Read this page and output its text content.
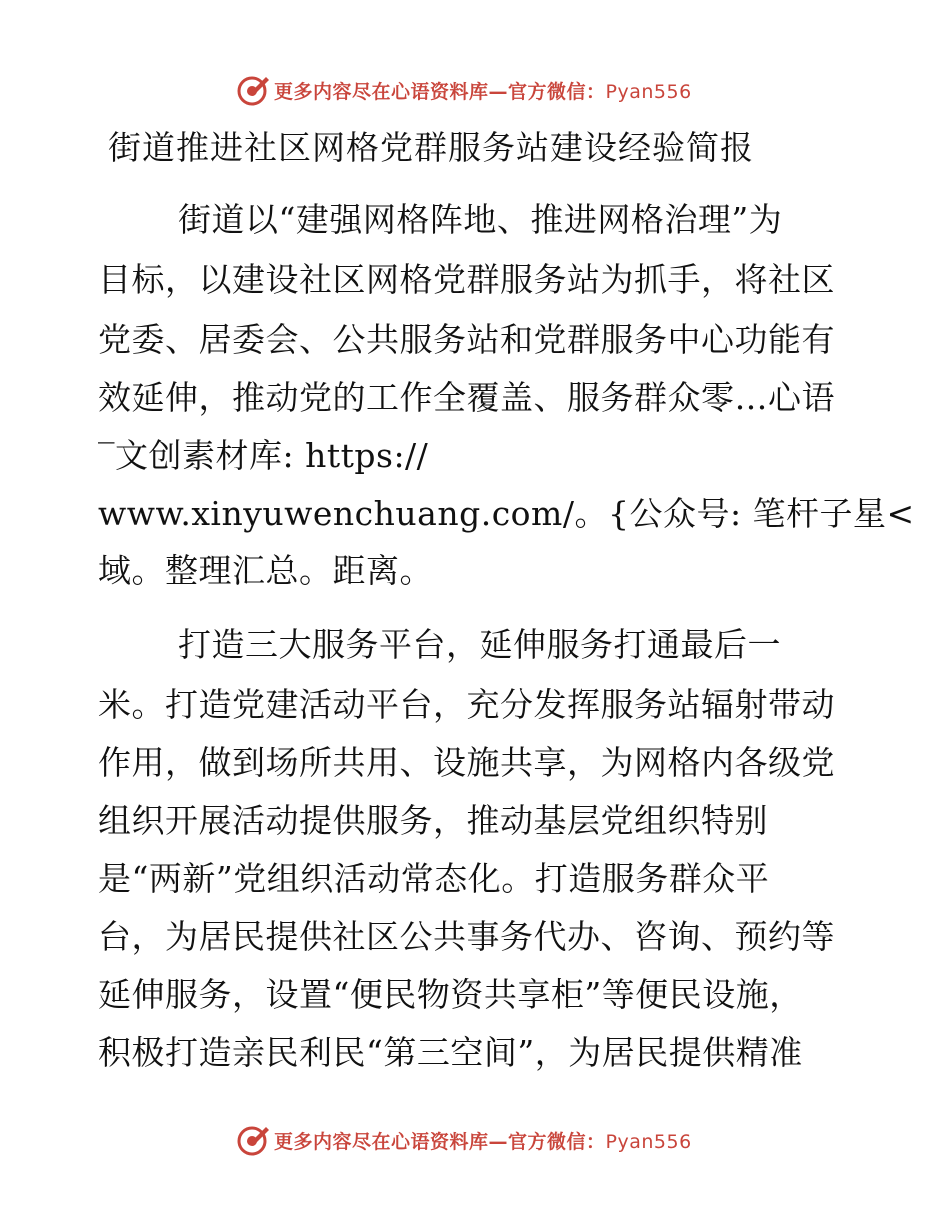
更多内容尽在心语资料库—官方微信：Pyan556
街道推进社区网格党群服务站建设经验简报

街道以“建强网格阵地、推进网格治理”为

目标，以建设社区网格党群服务站为抓手，将社区

党委、居委会、公共服务站和党群服务中心功能有

效延伸，推动党的工作全覆盖、服务群众零…心语

‾文创素材库: https://

www.xinyuwenchuang.com/。{公众号: 笔杆子星<

域。整理汇总。距离。

打造三大服务平台，延伸服务打通最后一

米。打造党建活动平台，充分发挥服务站辐射带动

作用，做到场所共用、设施共享，为网格内各级党

组织开展活动提供服务，推动基层党组织特别

是“两新”党组织活动常态化。打造服务群众平

台，为居民提供社区公共事务代办、咨询、预约等

延伸服务，设置“便民物资共享柜”等便民设施，

积极打造亲民利民“第三空间”，为居民提供精准

更多内容尽在心语资料库—官方微信：Pyan556
